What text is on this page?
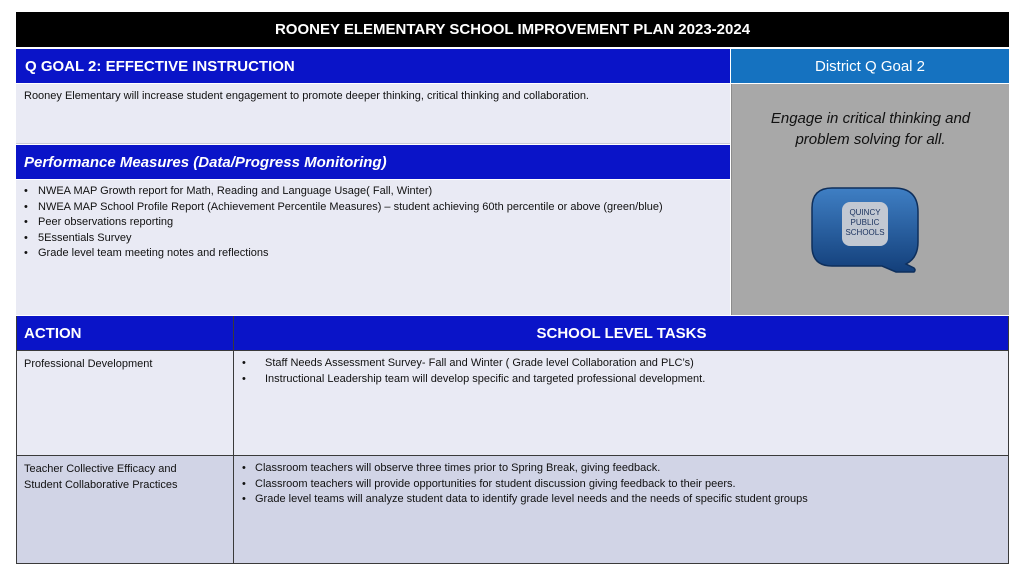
ROONEY ELEMENTARY SCHOOL IMPROVEMENT PLAN 2023-2024
Q GOAL 2: EFFECTIVE INSTRUCTION	District Q Goal 2
Rooney Elementary will increase student engagement to promote deeper thinking, critical thinking and collaboration.
Performance Measures (Data/Progress Monitoring)
• NWEA MAP Growth report for Math, Reading and Language Usage( Fall, Winter)
• NWEA MAP School Profile Report (Achievement Percentile Measures) – student achieving 60th percentile or above (green/blue)
• Peer observations reporting
• 5Essentials Survey
• Grade level team meeting notes and reflections
Engage in critical thinking and
problem solving for all.
QUINCY
PUBLIC
SCHOOLS
ACTION	SCHOOL LEVEL TASKS
Professional Development
•	Staff Needs Assessment Survey- Fall and Winter ( Grade level Collaboration and PLC’s)
• Instructional Leadership team will develop specific and targeted professional development.
Teacher Collective Efficacy and
Student Collaborative Practices
• Classroom teachers will observe three times prior to Spring Break, giving feedback.
• Classroom teachers will provide opportunities for student discussion giving feedback to their peers.
• Grade level teams will analyze student data to identify grade level needs and the needs of specific student groups
